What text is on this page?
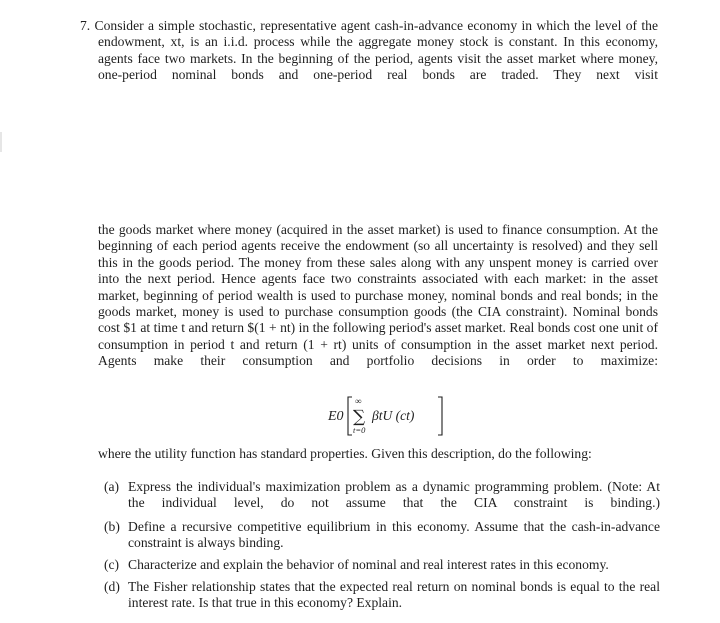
7. Consider a simple stochastic, representative agent cash-in-advance economy in which the level of the endowment, xt, is an i.i.d. process while the aggregate money stock is constant. In this economy, agents face two markets. In the beginning of the period, agents visit the asset market where money, one-period nominal bonds and one-period real bonds are traded. They next visit

the goods market where money (acquired in the asset market) is used to finance consumption. At the beginning of each period agents receive the endowment (so all uncertainty is resolved) and they sell this in the goods period. The money from these sales along with any unspent money is carried over into the next period. Hence agents face two constraints associated with each market: in the asset market, beginning of period wealth is used to purchase money, nominal bonds and real bonds; in the goods market, money is used to purchase consumption goods (the CIA constraint). Nominal bonds cost $1 at time t and return $(1 + nt) in the following period's asset market. Real bonds cost one unit of consumption in period t and return (1 + rt) units of consumption in the asset market next period. Agents make their consumption and portfolio decisions in order to maximize:

E0
∞
∑
t=0
βtU (ct)
where the utility function has standard properties. Given this description, do the following:
(a) Express the individual's maximization problem as a dynamic programming problem. (Note: At the individual level, do not assume that the CIA constraint is binding.)
(b) Define a recursive competitive equilibrium in this economy. Assume that the cash-in-advance constraint is always binding.
(c) Characterize and explain the behavior of nominal and real interest rates in this economy.
(d) The Fisher relationship states that the expected real return on nominal bonds is equal to the real interest rate. Is that true in this economy? Explain.
